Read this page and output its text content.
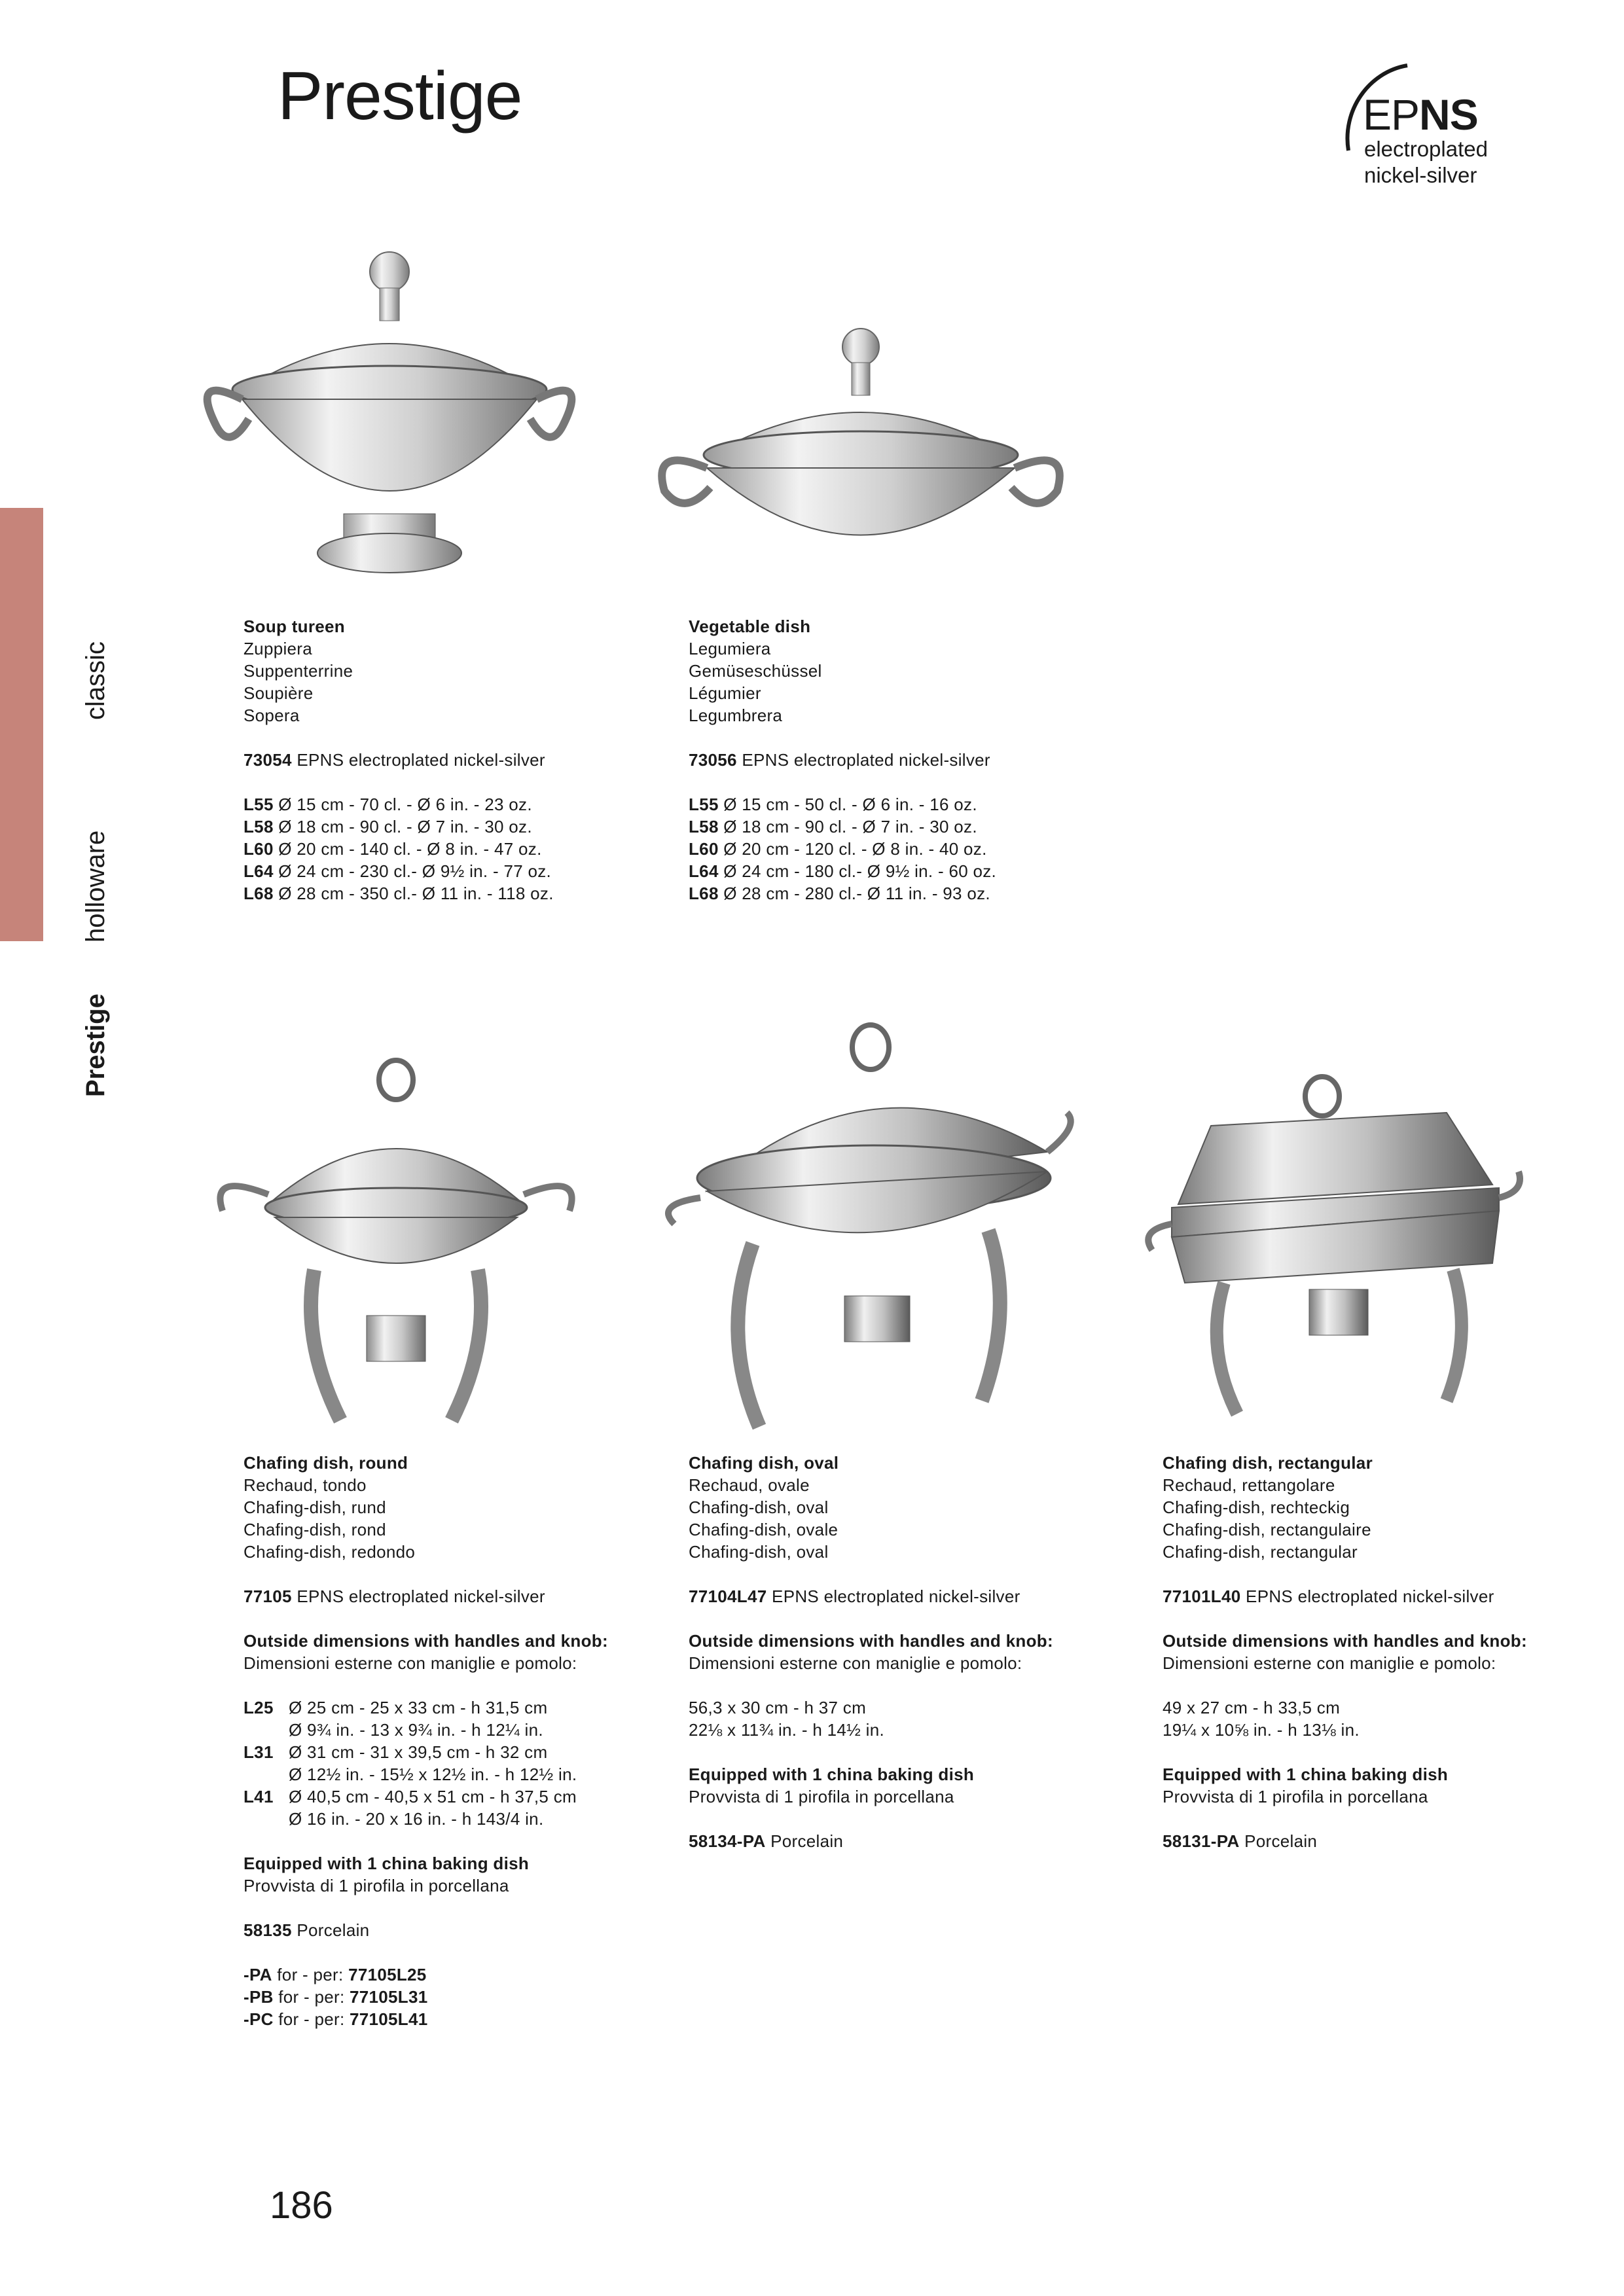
Prestige	EPNS
electroplated
nickel-silver
classic
holloware
Prestige

Soup tureen

Zuppiera

Suppenterrine

Soupière

Sopera

73054 EPNS electroplated nickel-silver

L55 Ø 15 cm - 70 cl. - Ø 6 in. - 23 oz.

L58 Ø 18 cm - 90 cl. - Ø 7 in. - 30 oz.

L60 Ø 20 cm - 140 cl. - Ø 8 in. - 47 oz.

L64 Ø 24 cm - 230 cl.- Ø 9½ in. - 77 oz.

L68 Ø 28 cm - 350 cl.- Ø 11 in. - 118 oz.

Vegetable dish

Legumiera

Gemüseschüssel

Légumier

Legumbrera

73056 EPNS electroplated nickel-silver

L55 Ø 15 cm - 50 cl. - Ø 6 in. - 16 oz.

L58 Ø 18 cm - 90 cl. - Ø 7 in. - 30 oz.

L60 Ø 20 cm - 120 cl. - Ø 8 in. - 40 oz.

L64 Ø 24 cm - 180 cl.- Ø 9½ in. - 60 oz.

L68 Ø 28 cm - 280 cl.- Ø 11 in. - 93 oz.

Chafing dish, round

Rechaud, tondo

Chafing-dish, rund

Chafing-dish, rond

Chafing-dish, redondo

77105 EPNS electroplated nickel-silver

Outside dimensions with handles and knob:

Dimensioni esterne con maniglie e pomolo:

L25 Ø 25 cm - 25 x 33 cm - h 31,5 cm

Ø 9¾ in. - 13 x 9¾ in. - h 12¼ in.

L31 Ø 31 cm - 31 x 39,5 cm - h 32 cm

Ø 12½ in. - 15½ x 12½ in. - h 12½ in.

L41 Ø 40,5 cm - 40,5 x 51 cm - h 37,5 cm

Ø 16 in. - 20 x 16 in. - h 143/4 in.

Equipped with 1 china baking dish

Provvista di 1 pirofila in porcellana

58135 Porcelain

-PA for - per: 77105L25

-PB for - per: 77105L31

-PC for - per: 77105L41

Chafing dish, oval

Rechaud, ovale

Chafing-dish, oval

Chafing-dish, ovale

Chafing-dish, oval

77104L47 EPNS electroplated nickel-silver

Outside dimensions with handles and knob:

Dimensioni esterne con maniglie e pomolo:

56,3 x 30 cm - h 37 cm

22⅛ x 11¾ in. - h 14½ in.

Equipped with 1 china baking dish

Provvista di 1 pirofila in porcellana

58134-PA Porcelain

Chafing dish, rectangular

Rechaud, rettangolare

Chafing-dish, rechteckig

Chafing-dish, rectangulaire

Chafing-dish, rectangular

77101L40 EPNS electroplated nickel-silver

Outside dimensions with handles and knob:

Dimensioni esterne con maniglie e pomolo:

49 x 27 cm - h 33,5 cm

19¼ x 10⅝ in. - h 13⅛ in.

Equipped with 1 china baking dish

Provvista di 1 pirofila in porcellana

58131-PA Porcelain

186
